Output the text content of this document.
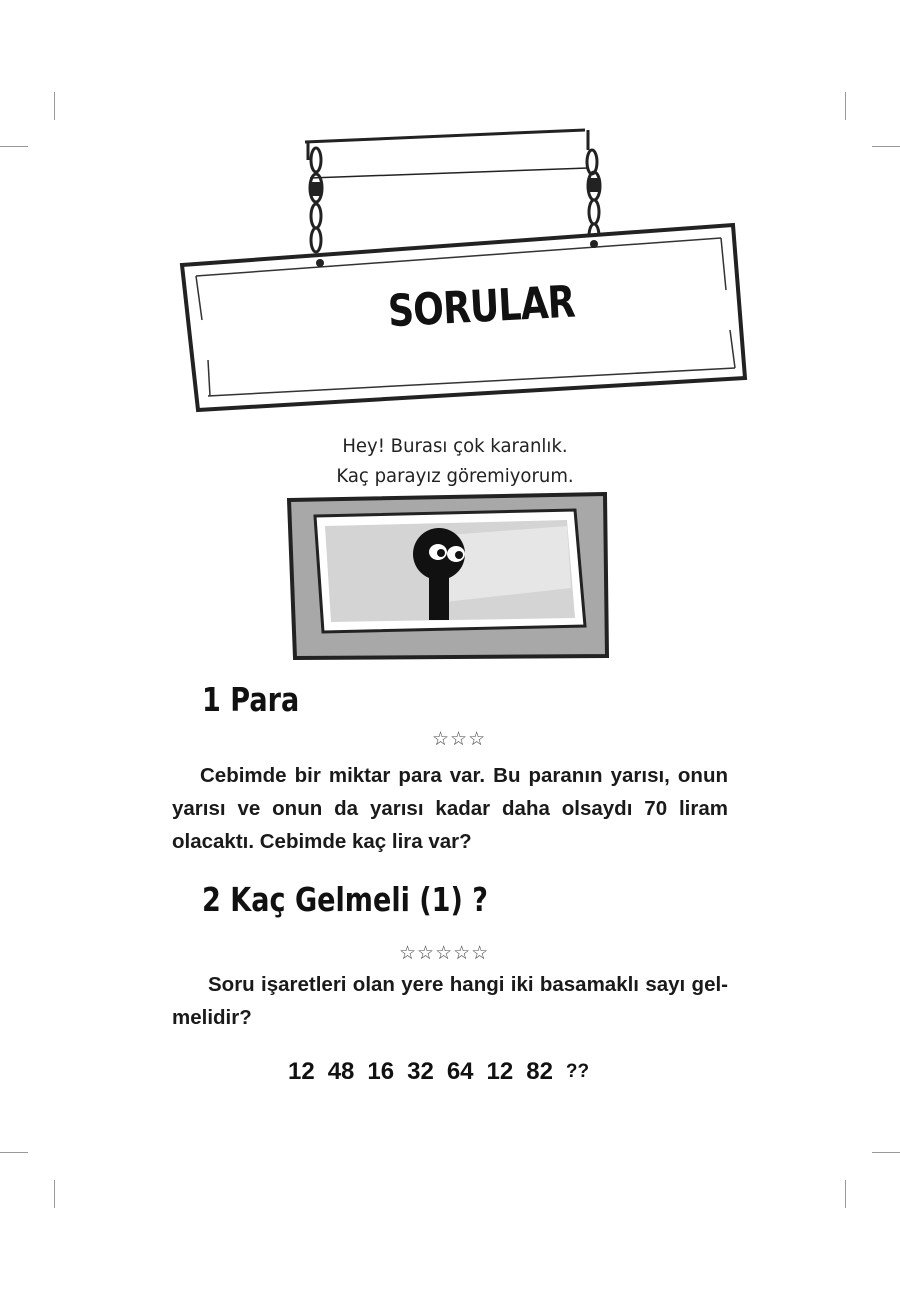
SORULAR
Hey! Burası çok karanlık.
Kaç parayız göremiyorum.
1 Para
☆☆☆
Cebimde bir miktar para var. Bu paranın yarısı, onun yarısı ve onun da yarısı kadar daha olsaydı 70 liram olacaktı. Cebimde kaç lira var?
2 Kaç Gelmeli (1) ?
☆☆☆☆☆
Soru işaretleri olan yere hangi iki basamaklı sayı gel-melidir?
12 48 16 32 64 12 82 ??
